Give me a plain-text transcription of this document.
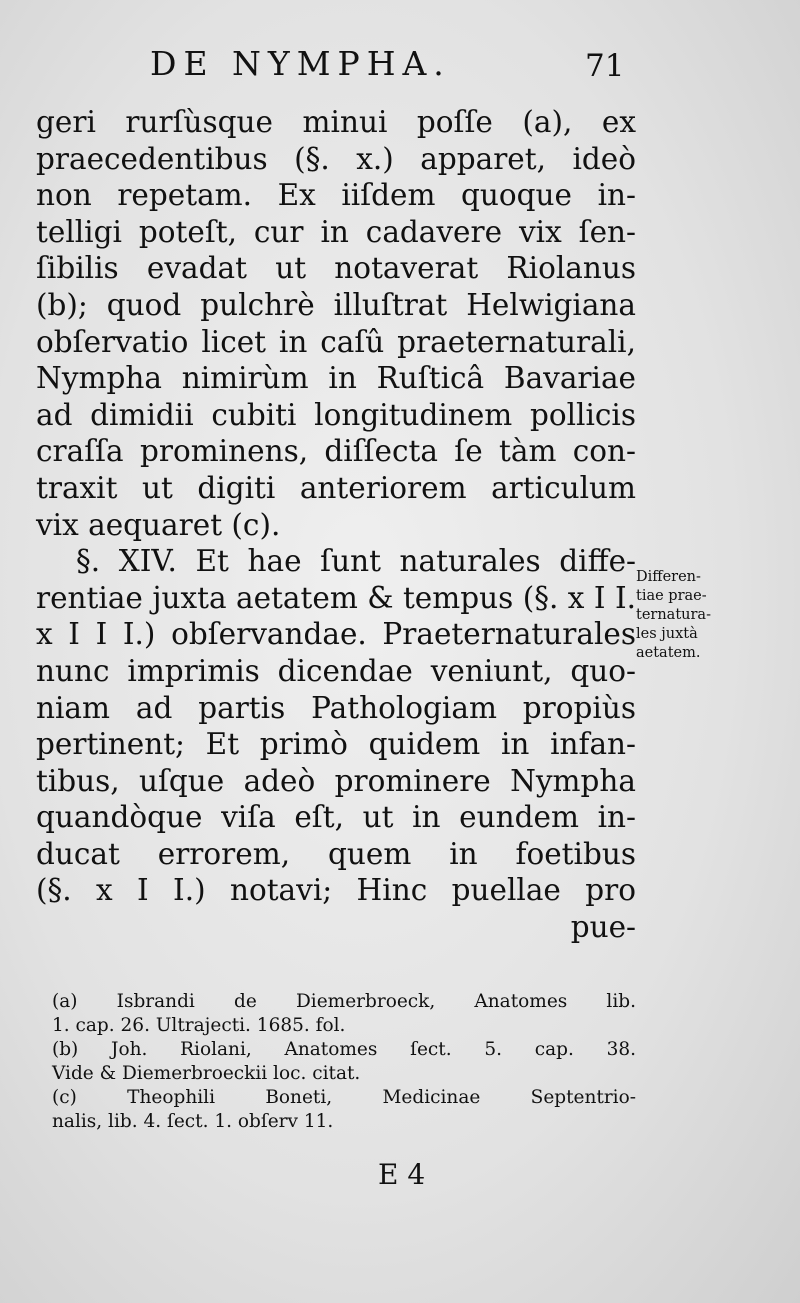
DE NYMPHA.	71
geri rurſùsque minui poſſe (a), ex
praecedentibus (§. x.) apparet, ideò
non repetam. Ex iiſdem quoque in-
telligi poteſt, cur in cadavere vix ſen-
ſibilis evadat ut notaverat Riolanus
(b); quod pulchrè illuſtrat Helwigiana
obſervatio licet in caſû praeternaturali,
Nympha nimirùm in Ruſticâ Bavariae
ad dimidii cubiti longitudinem pollicis
craſſa prominens, diſſecta ſe tàm con-
traxit ut digiti anteriorem articulum
vix aequaret (c).
§. XIV. Et hae ſunt naturales diffe-
rentiae juxta aetatem & tempus (§. x I I.
x I I I.) obſervandae. Praeternaturales
nunc imprimis dicendae veniunt, quo-
niam ad partis Pathologiam propiùs
pertinent; Et primò quidem in infan-
tibus, uſque adeò prominere Nympha
quandòque viſa eſt, ut in eundem in-
ducat errorem, quem in foetibus
(§. x I I.) notavi; Hinc puellae pro
pue-
Differen-
tiae prae-
ternatura-
les juxtà
aetatem.
(a) Isbrandi de Diemerbroeck, Anatomes lib.
1. cap. 26. Ultrajecti. 1685. fol.
(b) Joh. Riolani, Anatomes ſect. 5. cap. 38.
Vide & Diemerbroeckii loc. citat.
(c) Theophili Boneti, Medicinae Septentrio-
nalis, lib. 4. ſect. 1. obſerv 11.
E 4
